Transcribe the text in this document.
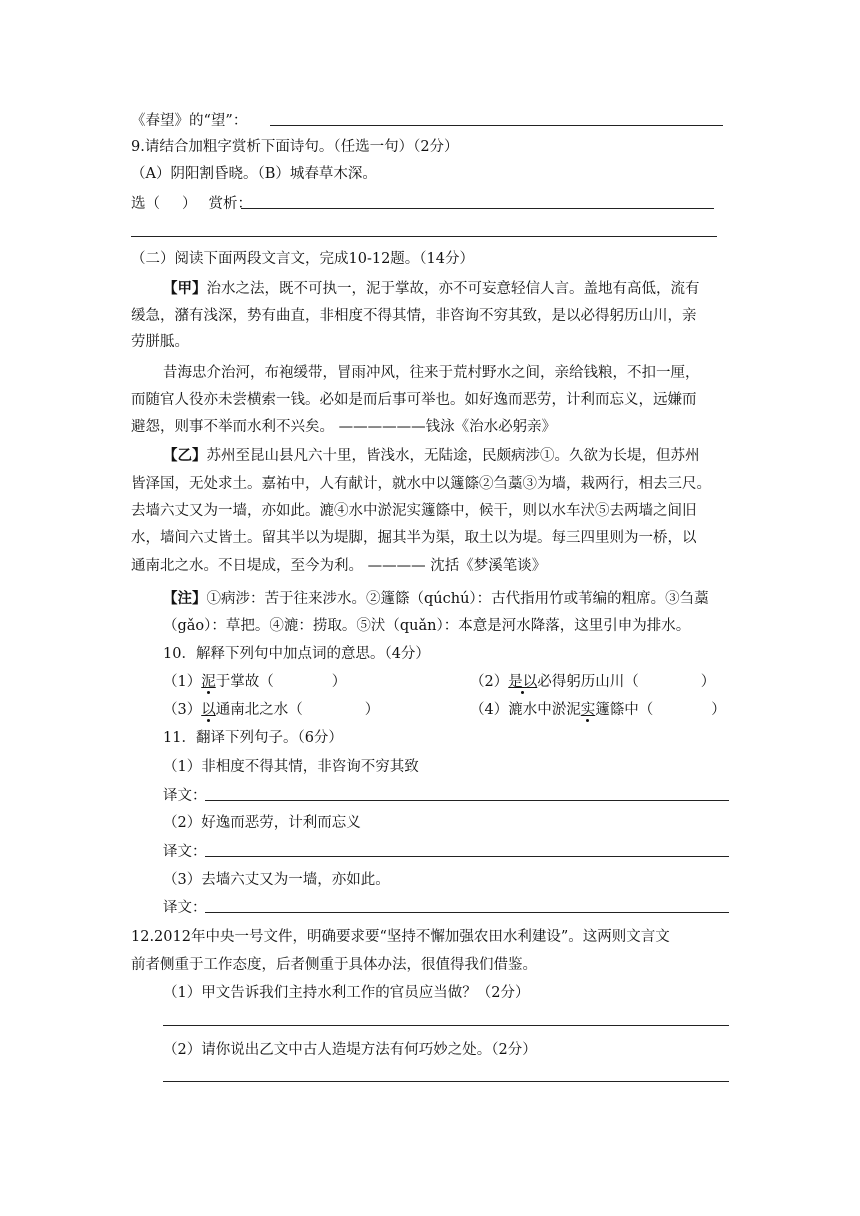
《春望》的“望”：
9.请结合加粗字赏析下面诗句。（任选一句）（2分）
（A）阴阳割昏晓。（B）城春草木深。
选（ ） 赏析：
（二）阅读下面两段文言文，完成10-12题。（14分）
【甲】治水之法，既不可执一，泥于掌故，亦不可妄意轻信人言。盖地有高低，流有
缓急，潴有浅深，势有曲直，非相度不得其情，非咨询不穷其致，是以必得躬历山川，亲
劳胼胝。
昔海忠介治河，布袍缓带，冒雨冲风，往来于荒村野水之间，亲给钱粮，不扣一厘，
而随官人役亦未尝横索一钱。必如是而后事可举也。如好逸而恶劳，计利而忘义，远嫌而
避怨，则事不举而水利不兴矣。 ——————钱泳《治水必躬亲》
【乙】苏州至昆山县凡六十里，皆浅水，无陆途，民颇病涉①。久欲为长堤，但苏州
皆泽国，无处求土。嘉祐中，人有献计，就水中以籧篨②刍藁③为墙，栽两行，相去三尺。
去墙六丈又为一墙，亦如此。漉④水中淤泥实籧篨中，候干，则以水车汱⑤去两墙之间旧
水，墙间六丈皆土。留其半以为堤脚，掘其半为渠，取土以为堤。每三四里则为一桥，以
通南北之水。不日堤成，至今为利。 ———— 沈括《梦溪笔谈》
【注】①病涉：苦于往来涉水。②籧篨（qúchú）：古代指用竹或苇编的粗席。③刍藁
（gǎo）：草把。④漉：捞取。⑤汱（quǎn）：本意是河水降落，这里引申为排水。
10．解释下列句中加点词的意思。（4分）
（1）泥于掌故（	）	（2）是以必得躬历山川（	）
（3）以通南北之水（	）	（4）漉水中淤泥实籧篨中（	）
11．翻译下列句子。（6分）
（1）非相度不得其情，非咨询不穷其致
译文：
（2）好逸而恶劳，计利而忘义
译文：
（3）去墙六丈又为一墙，亦如此。
译文：
12.2012年中央一号文件，明确要求要“坚持不懈加强农田水利建设”。这两则文言文
前者侧重于工作态度，后者侧重于具体办法，很值得我们借鉴。
（1）甲文告诉我们主持水利工作的官员应当做？（2分）
（2）请你说出乙文中古人造堤方法有何巧妙之处。（2分）
